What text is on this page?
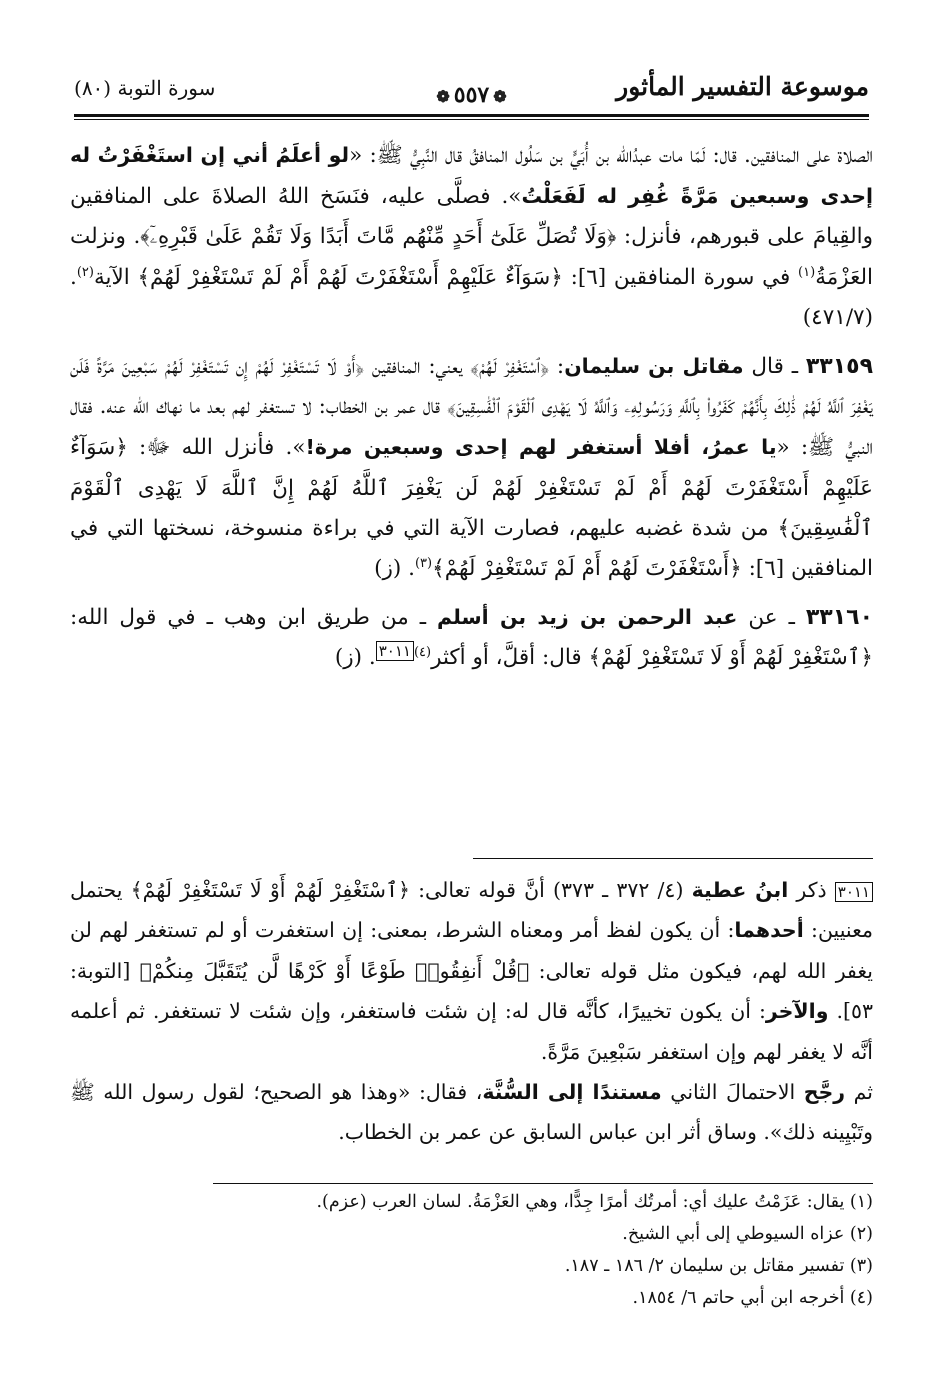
موسوعة التفسير المأثور
❁٥٥٧❁
سورة التوبة (٨٠)

الصلاة على المنافقين. قال: لَمّا مات عبدُالله بن أُبَيٍّ بن سَلُول المنافقُ قال النَّبِيُّ ﷺ: «لو أعلَمُ أني إن استَغْفَرْتُ له إحدى وسبعين مَرَّةً غُفِر له لَفَعَلْتُ». فصلَّى عليه، فنَسَخ اللهُ الصلاةَ على المنافقين والقِيامَ على قبورهم، فأنزل: ﴿وَلَا تُصَلِّ عَلَىٰٓ أَحَدٍ مِّنْهُم مَّاتَ أَبَدًا وَلَا تَقُمْ عَلَىٰ قَبْرِهِۦٓ﴾. ونزلت العَزْمَةُ$^{(١)}$ في سورة المنافقين [٦]: ﴿سَوَآءٌ عَلَيْهِمْ أَسْتَغْفَرْتَ لَهُمْ أَمْ لَمْ تَسْتَغْفِرْ لَهُمْ﴾ الآية$^{(٢)}$. (٤٧١/٧)

٣٣١٥٩ ـ قال مقاتل بن سليمان: ﴿ٱسْتَغْفِرْ لَهُمْ﴾ يعني: المنافقين ﴿أَوْ لَا تَسْتَغْفِرْ لَهُمْ إِن تَسْتَغْفِرْ لَهُمْ سَبْعِينَ مَرَّةً فَلَن يَغْفِرَ ٱللَّهُ لَهُمْ ذَٰلِكَ بِأَنَّهُمْ كَفَرُوا۟ بِٱللَّهِ وَرَسُولِهِۦ وَٱللَّهُ لَا يَهْدِى ٱلْقَوْمَ ٱلْفَٰسِقِينَ﴾ قال عمر بن الخطاب: لا تستغفر لهم بعد ما نهاك الله عنه. فقال النبيُّ ﷺ: «يا عمرُ، أفلا أستغفر لهم إحدى وسبعين مرة!». فأنزل الله ﷻ: ﴿سَوَآءٌ عَلَيْهِمْ أَسْتَغْفَرْتَ لَهُمْ أَمْ لَمْ تَسْتَغْفِرْ لَهُمْ لَن يَغْفِرَ ٱللَّهُ لَهُمْ إِنَّ ٱللَّهَ لَا يَهْدِى ٱلْقَوْمَ ٱلْفَٰسِقِينَ﴾ من شدة غضبه عليهم، فصارت الآية التي في براءة منسوخة، نسختها التي في المنافقين [٦]: ﴿أَسْتَغْفَرْتَ لَهُمْ أَمْ لَمْ تَسْتَغْفِرْ لَهُمْ﴾$^{(٣)}$. (ز)

٣٣١٦٠ ـ عن عبد الرحمن بن زيد بن أسلم ـ من طريق ابن وهب ـ في قول الله: ﴿ٱسْتَغْفِرْ لَهُمْ أَوْ لَا تَسْتَغْفِرْ لَهُمْ﴾ قال: أقلَّ، أو أكثر$^{(٤)٣٠١١}$. (ز)

٣٠١١ ذكر ابنُ عطية (٤/ ٣٧٢ ـ ٣٧٣) أنَّ قوله تعالى: ﴿ٱسْتَغْفِرْ لَهُمْ أَوْ لَا تَسْتَغْفِرْ لَهُمْ﴾ يحتمل معنيين: أحدهما: أن يكون لفظ أمر ومعناه الشرط، بمعنى: إن استغفرت أو لم تستغفر لهم لن يغفر الله لهم، فيكون مثل قوله تعالى: ﴿قُلْ أَنفِقُوا۟ طَوْعًا أَوْ كَرْهًا لَّن يُتَقَبَّلَ مِنكُمْ﴾ [التوبة: ٥٣]. والآخر: أن يكون تخييرًا، كأنَّه قال له: إن شئت فاستغفر، وإن شئت لا تستغفر. ثم أعلمه أنَّه لا يغفر لهم وإن استغفر سَبْعِينَ مَرَّةً.

ثم رجَّح الاحتمالَ الثاني مستندًا إلى السُّنَّة، فقال: «وهذا هو الصحيح؛ لقول رسول الله ﷺ وتَبْيِينه ذلك». وساق أثر ابن عباس السابق عن عمر بن الخطاب.

(١) يقال: عَزَمْتُ عليك أي: أمرتُك أمرًا جِدًّا، وهي العَزْمَةُ. لسان العرب (عزم).

(٢) عزاه السيوطي إلى أبي الشيخ.

(٣) تفسير مقاتل بن سليمان ٢/ ١٨٦ ـ ١٨٧.

(٤) أخرجه ابن أبي حاتم ٦/ ١٨٥٤.
